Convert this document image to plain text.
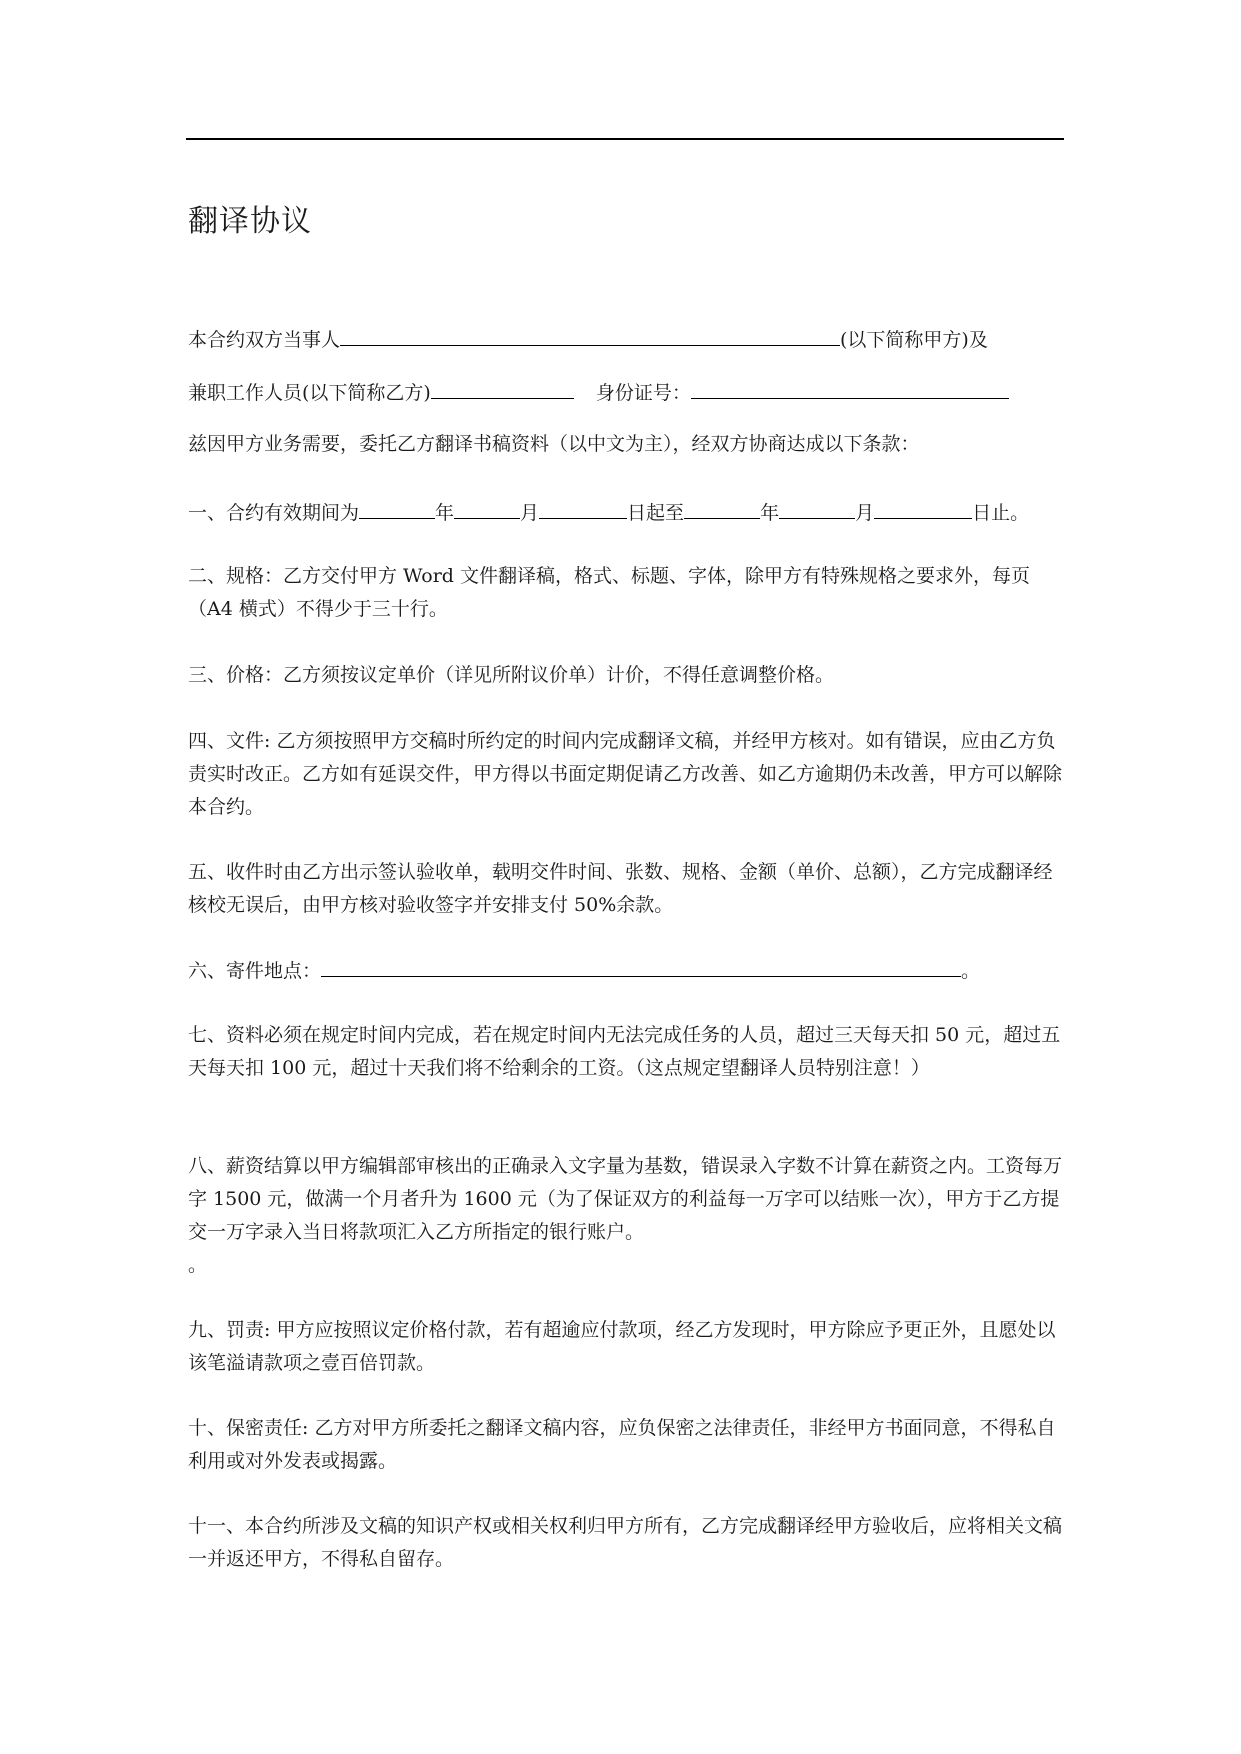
翻译协议
本合约双方当事人	(以下简称甲方)及
兼职工作人员(以下简称乙方)	身份证号：
兹因甲方业务需要，委托乙方翻译书稿资料（以中文为主），经双方协商达成以下条款：
一、合约有效期间为	年	月	日起至	年	月	日止。
二、规格：乙方交付甲方 Word 文件翻译稿，格式、标题、字体，除甲方有特殊规格之要求外，每页（A4 横式）不得少于三十行。
三、价格：乙方须按议定单价（详见所附议价单）计价，不得任意调整价格。
四、文件: 乙方须按照甲方交稿时所约定的时间内完成翻译文稿，并经甲方核对。如有错误，应由乙方负责实时改正。乙方如有延误交件，甲方得以书面定期促请乙方改善、如乙方逾期仍未改善，甲方可以解除本合约。
五、收件时由乙方出示签认验收单，载明交件时间、张数、规格、金额（单价、总额），乙方完成翻译经核校无误后，由甲方核对验收签字并安排支付 50%余款。
六、寄件地点：	。
七、资料必须在规定时间内完成，若在规定时间内无法完成任务的人员，超过三天每天扣 50 元，超过五天每天扣 100 元，超过十天我们将不给剩余的工资。（这点规定望翻译人员特别注意！）
八、薪资结算以甲方编辑部审核出的正确录入文字量为基数，错误录入字数不计算在薪资之内。工资每万字 1500 元，做满一个月者升为 1600 元（为了保证双方的利益每一万字可以结账一次），甲方于乙方提交一万字录入当日将款项汇入乙方所指定的银行账户。
。
九、罚责: 甲方应按照议定价格付款，若有超逾应付款项，经乙方发现时，甲方除应予更正外，且愿处以该笔溢请款项之壹百倍罚款。
十、保密责任: 乙方对甲方所委托之翻译文稿内容，应负保密之法律责任，非经甲方书面同意，不得私自利用或对外发表或揭露。
十一、本合约所涉及文稿的知识产权或相关权利归甲方所有，乙方完成翻译经甲方验收后，应将相关文稿一并返还甲方，不得私自留存。
